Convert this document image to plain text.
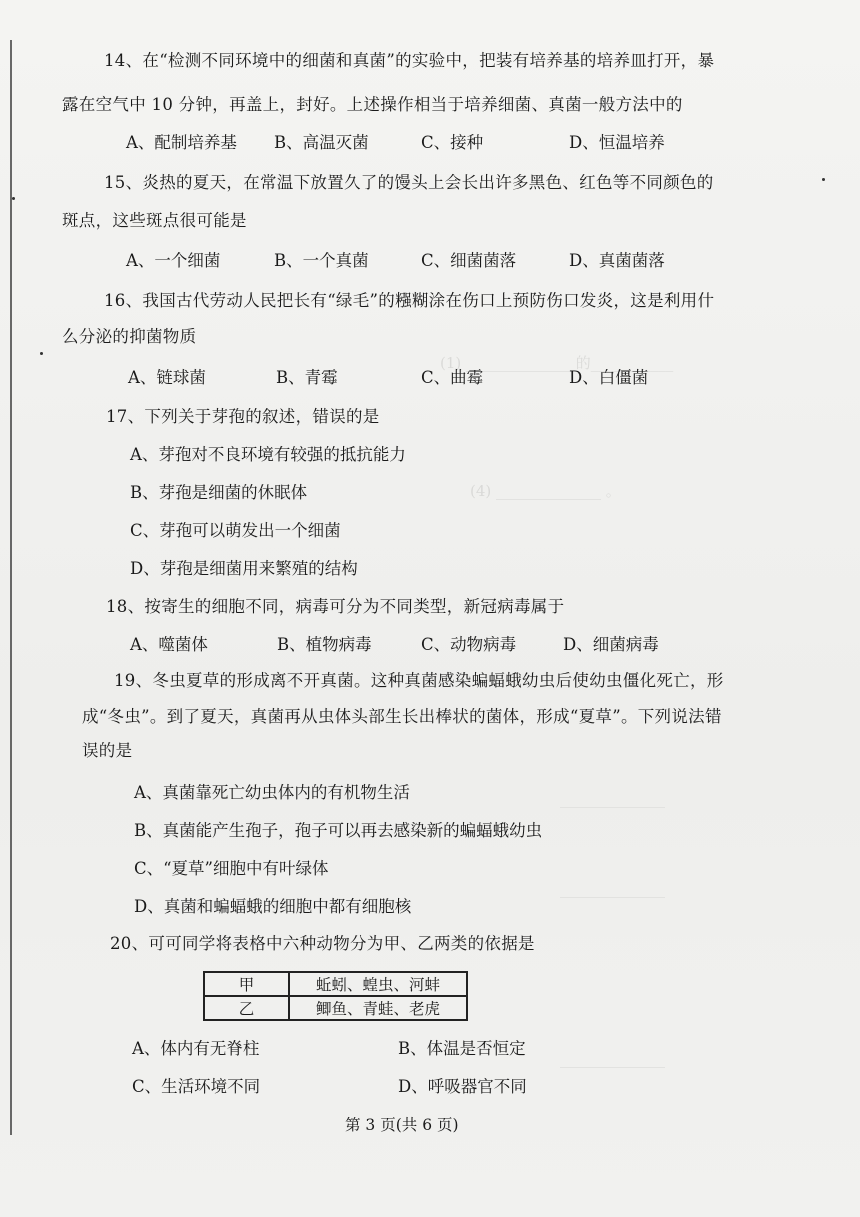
(1) ______________ 的___________
(4) ______________ 。
______________
______________
______________
14、在“检测不同环境中的细菌和真菌”的实验中，把装有培养基的培养皿打开，暴
露在空气中 10 分钟，再盖上，封好。上述操作相当于培养细菌、真菌一般方法中的
A、配制培养基 B、高温灭菌	C、接种	D、恒温培养
15、炎热的夏天，在常温下放置久了的馒头上会长出许多黑色、红色等不同颜色的
斑点，这些斑点很可能是
A、一个细菌	B、一个真菌	C、细菌菌落	D、真菌菌落
16、我国古代劳动人民把长有“绿毛”的糨糊涂在伤口上预防伤口发炎，这是利用什
么分泌的抑菌物质
A、链球菌	B、青霉	C、曲霉	D、白僵菌
17、下列关于芽孢的叙述，错误的是
A、芽孢对不良环境有较强的抵抗能力
B、芽孢是细菌的休眠体
C、芽孢可以萌发出一个细菌
D、芽孢是细菌用来繁殖的结构
18、按寄生的细胞不同，病毒可分为不同类型，新冠病毒属于
A、噬菌体	B、植物病毒	C、动物病毒	D、细菌病毒
19、冬虫夏草的形成离不开真菌。这种真菌感染蝙蝠蛾幼虫后使幼虫僵化死亡，形
成“冬虫”。到了夏天，真菌再从虫体头部生长出棒状的菌体，形成“夏草”。下列说法错
误的是
A、真菌靠死亡幼虫体内的有机物生活
B、真菌能产生孢子，孢子可以再去感染新的蝙蝠蛾幼虫
C、“夏草”细胞中有叶绿体
D、真菌和蝙蝠蛾的细胞中都有细胞核
20、可可同学将表格中六种动物分为甲、乙两类的依据是
甲	蚯蚓、蝗虫、河蚌
乙	鲫鱼、青蛙、老虎
A、体内有无脊柱	B、体温是否恒定
C、生活环境不同	D、呼吸器官不同
第 3 页(共 6 页)
